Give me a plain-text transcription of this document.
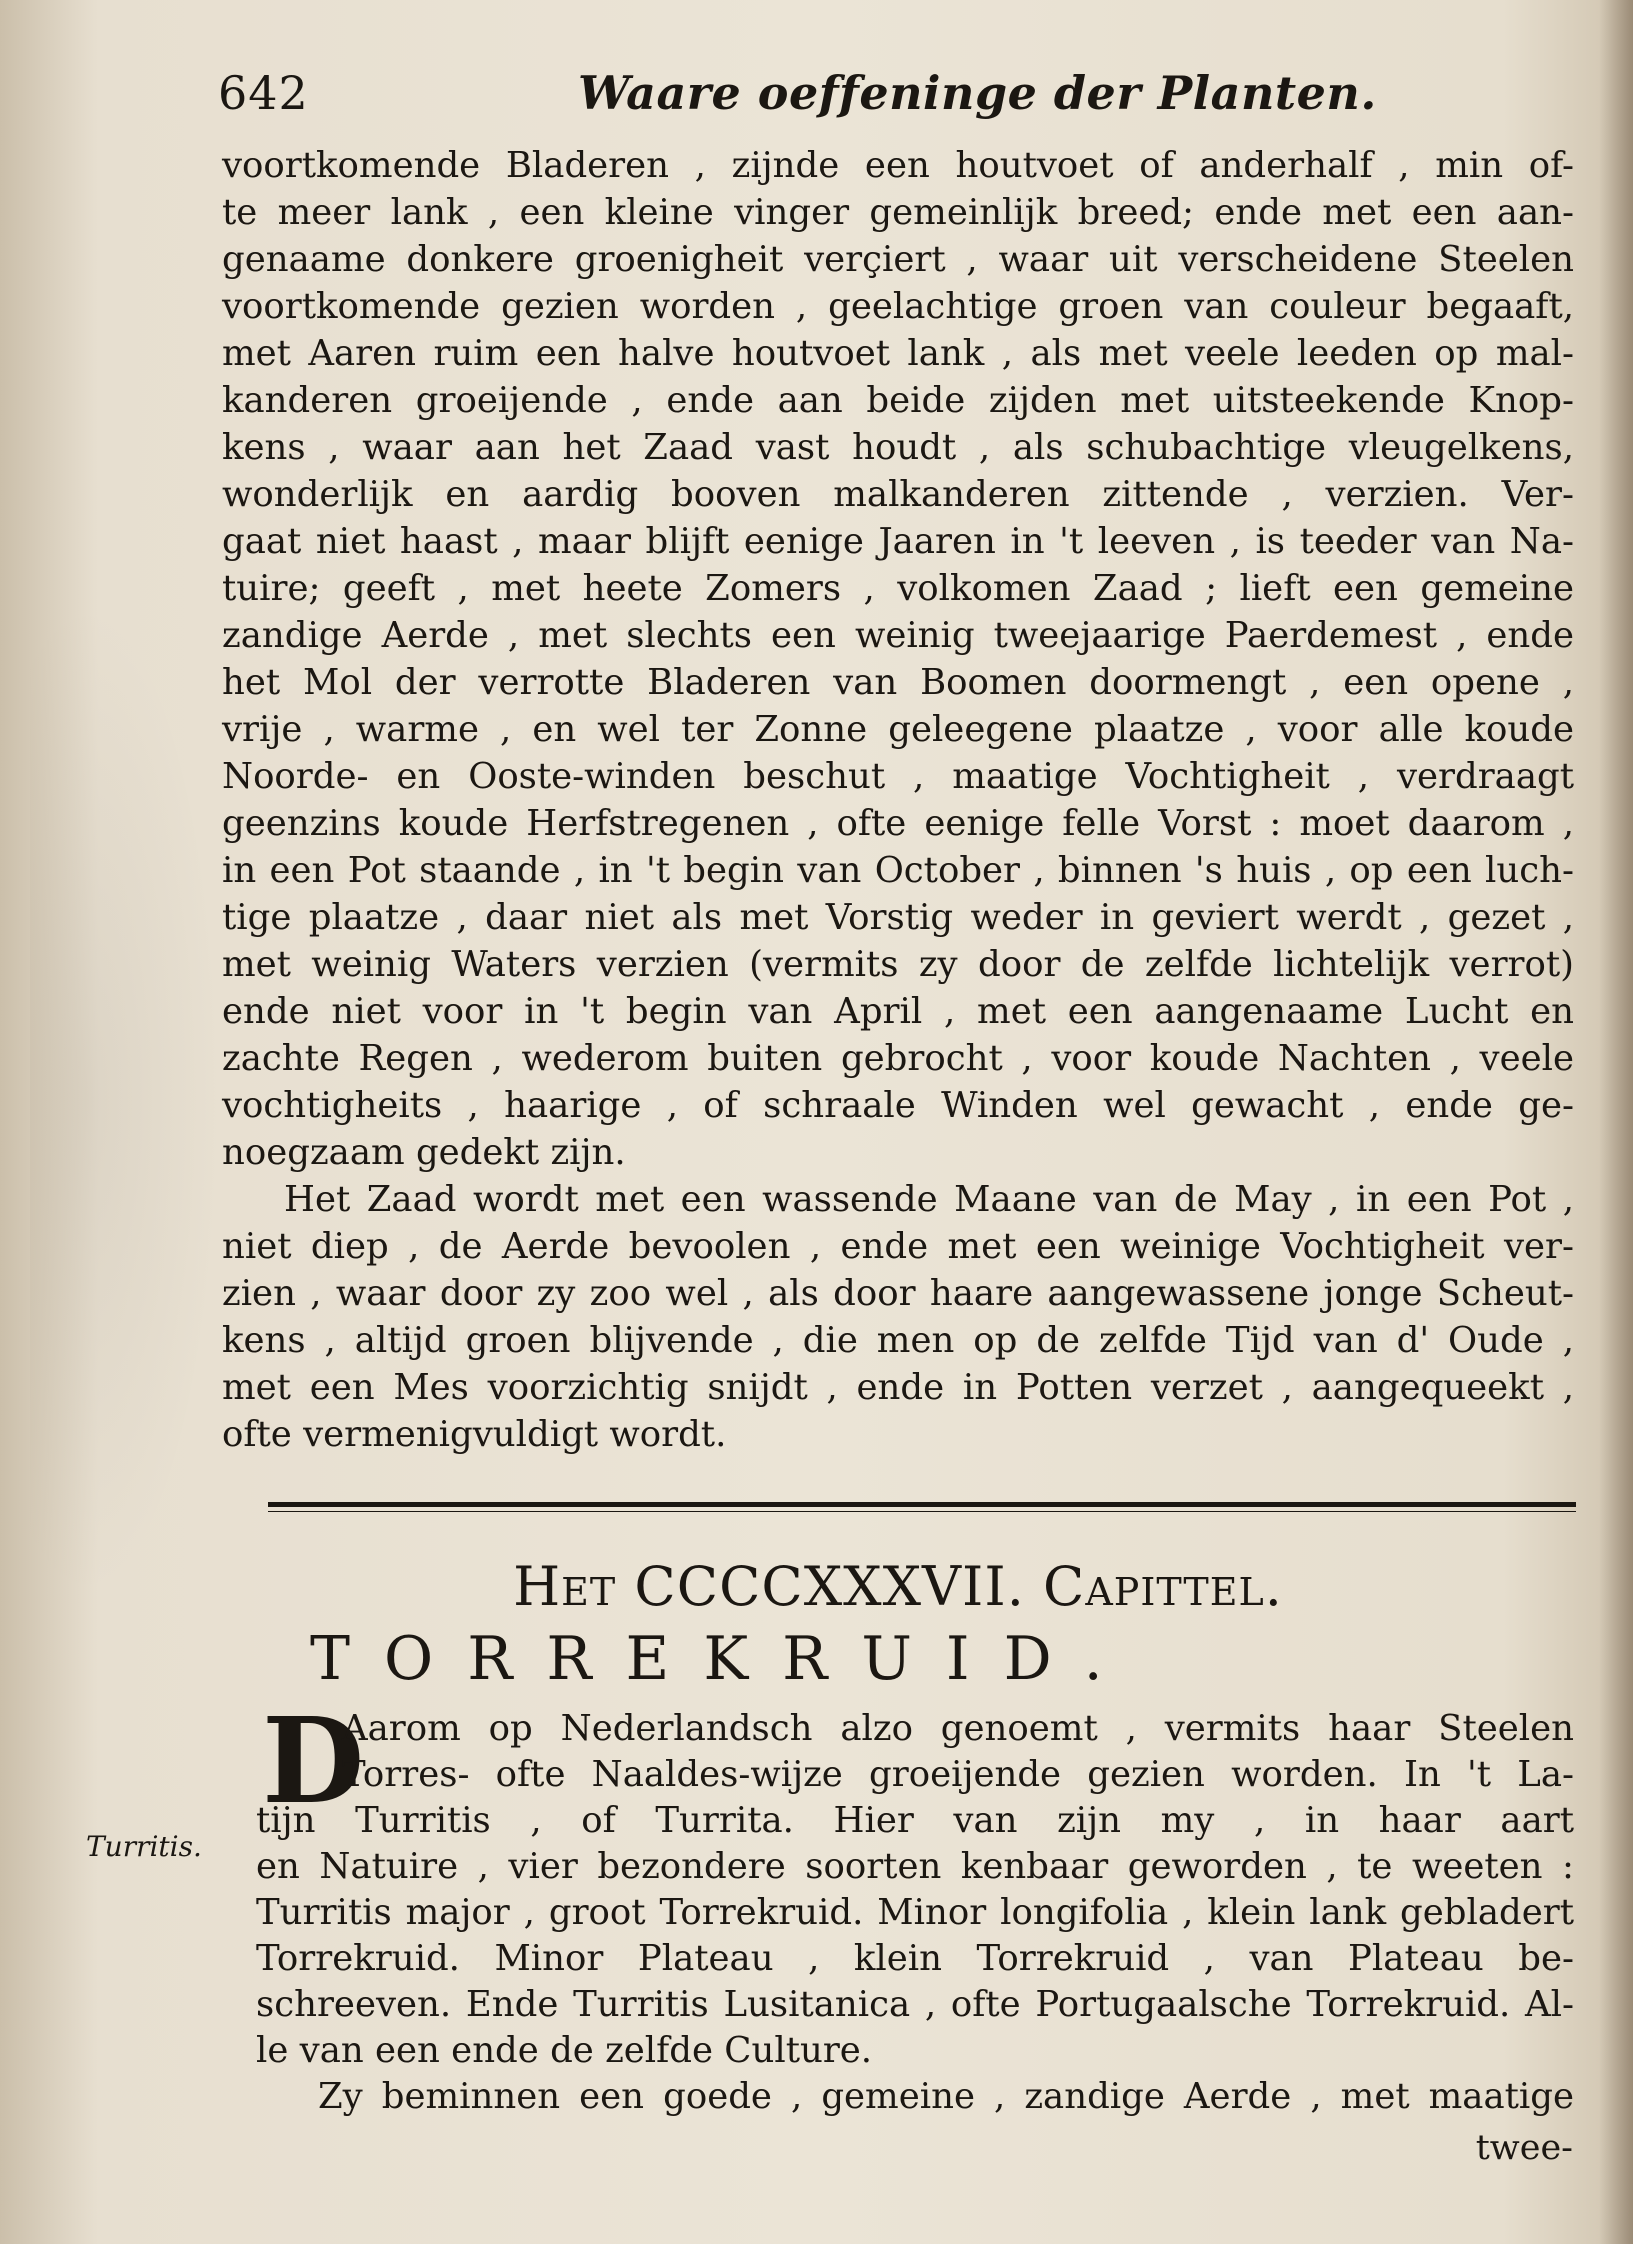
642	Waare oeffeninge der Planten.
voortkomende Bladeren , zijnde een houtvoet of anderhalf , min of-
te meer lank , een kleine vinger gemeinlijk breed; ende met een aan-
genaame donkere groenigheit verçiert , waar uit verscheidene Steelen
voortkomende gezien worden , geelachtige groen van couleur begaaft,
met Aaren ruim een halve houtvoet lank , als met veele leeden op mal-
kanderen groeijende , ende aan beide zijden met uitsteekende Knop-
kens , waar aan het Zaad vast houdt , als schubachtige vleugelkens,
wonderlijk en aardig booven malkanderen zittende , verzien. Ver-
gaat niet haast , maar blijft eenige Jaaren in 't leeven , is teeder van Na-
tuire; geeft , met heete Zomers , volkomen Zaad ; lieft een gemeine
zandige Aerde , met slechts een weinig tweejaarige Paerdemest , ende
het Mol der verrotte Bladeren van Boomen doormengt , een opene ,
vrije , warme , en wel ter Zonne geleegene plaatze , voor alle koude
Noorde- en Ooste-winden beschut , maatige Vochtigheit , verdraagt
geenzins koude Herfstregenen , ofte eenige felle Vorst : moet daarom ,
in een Pot staande , in 't begin van October , binnen 's huis , op een luch-
tige plaatze , daar niet als met Vorstig weder in geviert werdt , gezet ,
met weinig Waters verzien (vermits zy door de zelfde lichtelijk verrot)
ende niet voor in 't begin van April , met een aangenaame Lucht en
zachte Regen , wederom buiten gebrocht , voor koude Nachten , veele
vochtigheits , haarige , of schraale Winden wel gewacht , ende ge-
noegzaam gedekt zijn.
Het Zaad wordt met een wassende Maane van de May , in een Pot ,
niet diep , de Aerde bevoolen , ende met een weinige Vochtigheit ver-
zien , waar door zy zoo wel , als door haare aangewassene jonge Scheut-
kens , altijd groen blijvende , die men op de zelfde Tijd van d' Oude ,
met een Mes voorzichtig snijdt , ende in Potten verzet , aangequeekt ,
ofte vermenigvuldigt wordt.
Het CCCCXXXVII. Capittel.
TORREKRUID.
D
Turritis.
Aarom op Nederlandsch alzo genoemt , vermits haar Steelen
Torres- ofte Naaldes-wijze groeijende gezien worden. In 't La-
tijn Turritis , of Turrita. Hier van zijn my , in haar aart
en Natuire , vier bezondere soorten kenbaar geworden , te weeten :
Turritis major , groot Torrekruid. Minor longifolia , klein lank gebladert
Torrekruid. Minor Plateau , klein Torrekruid , van Plateau be-
schreeven. Ende Turritis Lusitanica , ofte Portugaalsche Torrekruid. Al-
le van een ende de zelfde Culture.
Zy beminnen een goede , gemeine , zandige Aerde , met maatige
twee-
